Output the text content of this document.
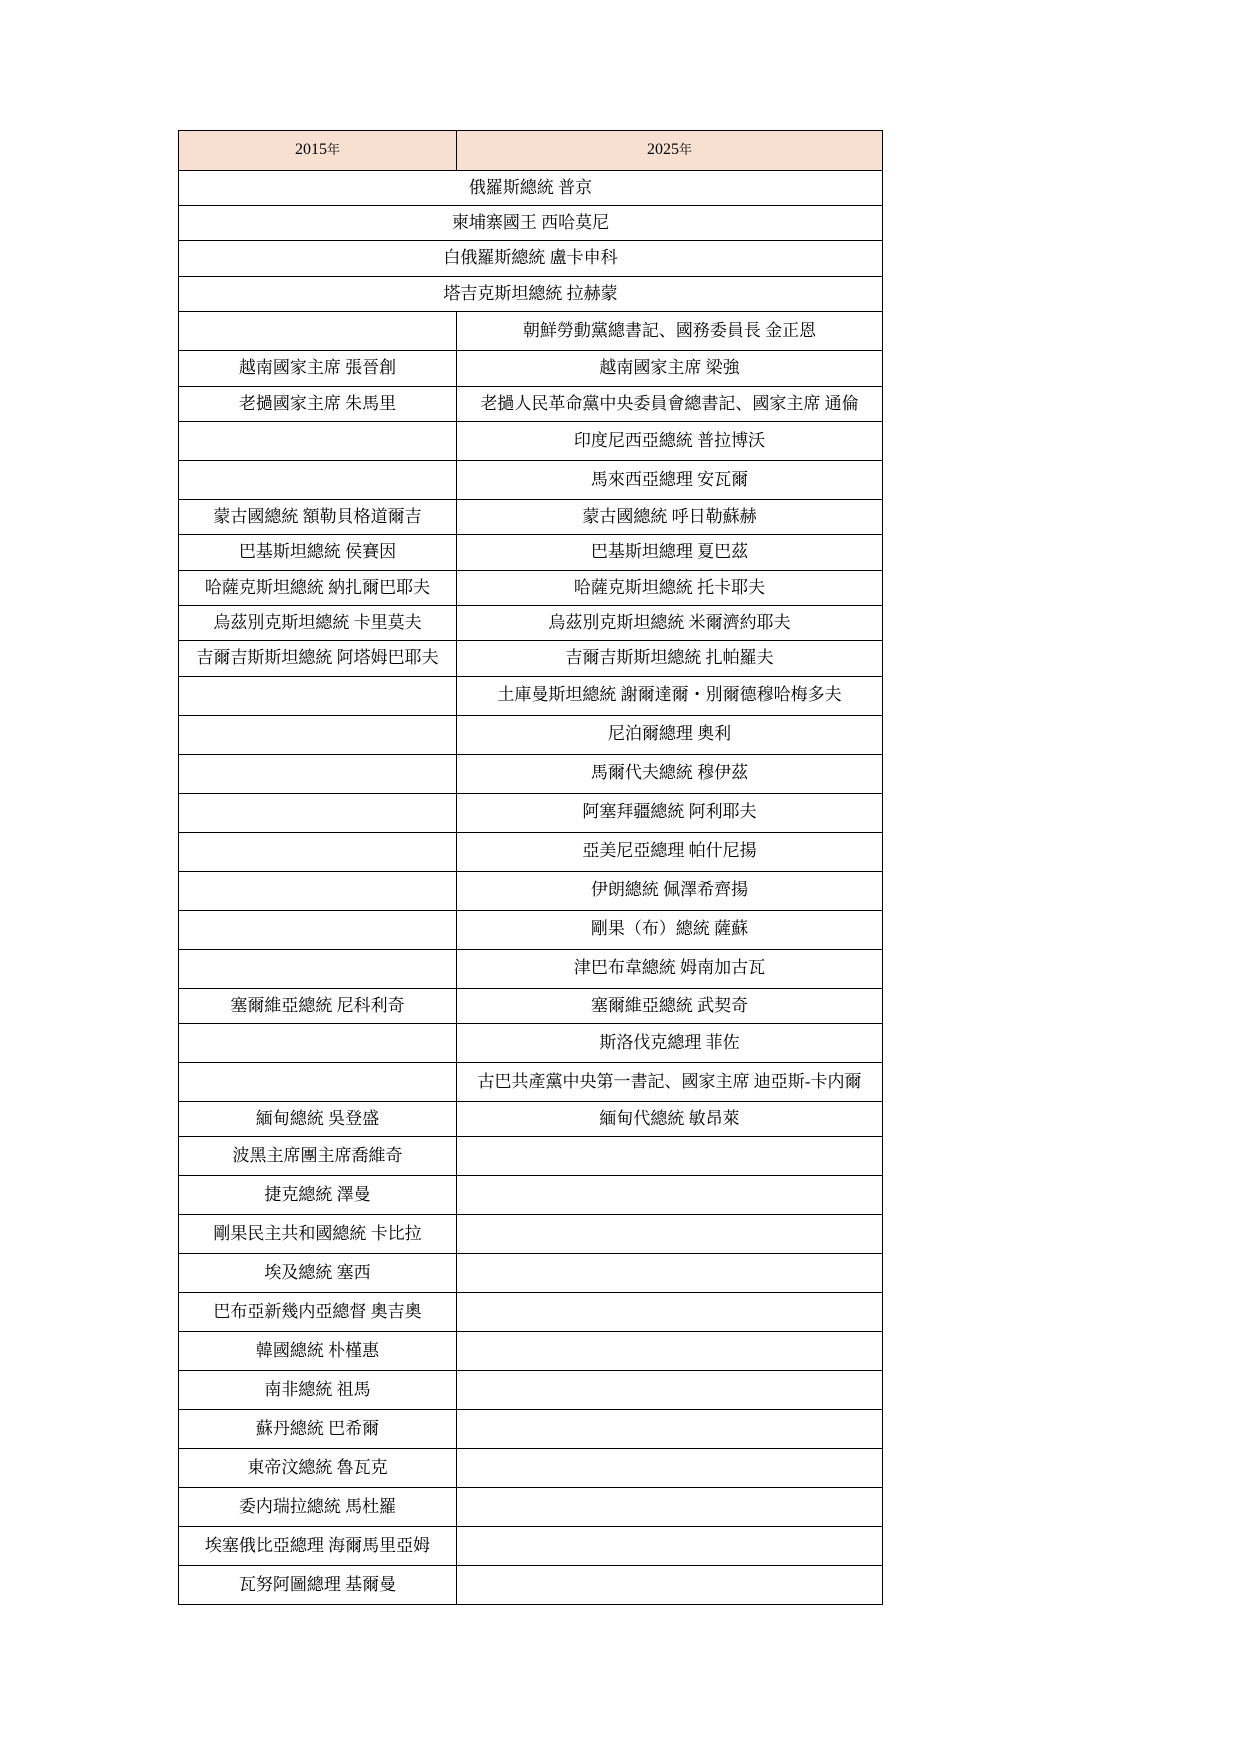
2015年	2025年
俄羅斯總統 普京	
柬埔寨國王 西哈莫尼	
白俄羅斯總統 盧卡申科	
塔吉克斯坦總統 拉赫蒙	
	朝鮮勞動黨總書記、國務委員長 金正恩
越南國家主席 張晉創	越南國家主席 梁強
老撾國家主席 朱馬里	老撾人民革命黨中央委員會總書記、國家主席 通倫
	印度尼西亞總統 普拉博沃
	馬來西亞總理 安瓦爾
蒙古國總統 額勒貝格道爾吉	蒙古國總統 呼日勒蘇赫
巴基斯坦總統 侯賽因	巴基斯坦總理 夏巴茲
哈薩克斯坦總統 納扎爾巴耶夫	哈薩克斯坦總統 托卡耶夫
烏茲別克斯坦總統 卡里莫夫	烏茲別克斯坦總統 米爾濟約耶夫
吉爾吉斯斯坦總統 阿塔姆巴耶夫	吉爾吉斯斯坦總統 扎帕羅夫
	土庫曼斯坦總統 謝爾達爾・別爾德穆哈梅多夫
	尼泊爾總理 奧利
	馬爾代夫總統 穆伊茲
	阿塞拜疆總統 阿利耶夫
	亞美尼亞總理 帕什尼揚
	伊朗總統 佩澤希齊揚
	剛果（布）總統 薩蘇
	津巴布韋總統 姆南加古瓦
塞爾維亞總統 尼科利奇	塞爾維亞總統 武契奇
	斯洛伐克總理 菲佐
	古巴共產黨中央第一書記、國家主席 迪亞斯-卡内爾
緬甸總統 吳登盛	緬甸代總統 敏昂萊
波黑主席團主席喬維奇	
捷克總統 澤曼	
剛果民主共和國總統 卡比拉	
埃及總統 塞西	
巴布亞新幾内亞總督 奧吉奧	
韓國總統 朴槿惠	
南非總統 祖馬	
蘇丹總統 巴希爾	
東帝汶總統 魯瓦克	
委内瑞拉總統 馬杜羅	
埃塞俄比亞總理 海爾馬里亞姆	
瓦努阿圖總理 基爾曼	
